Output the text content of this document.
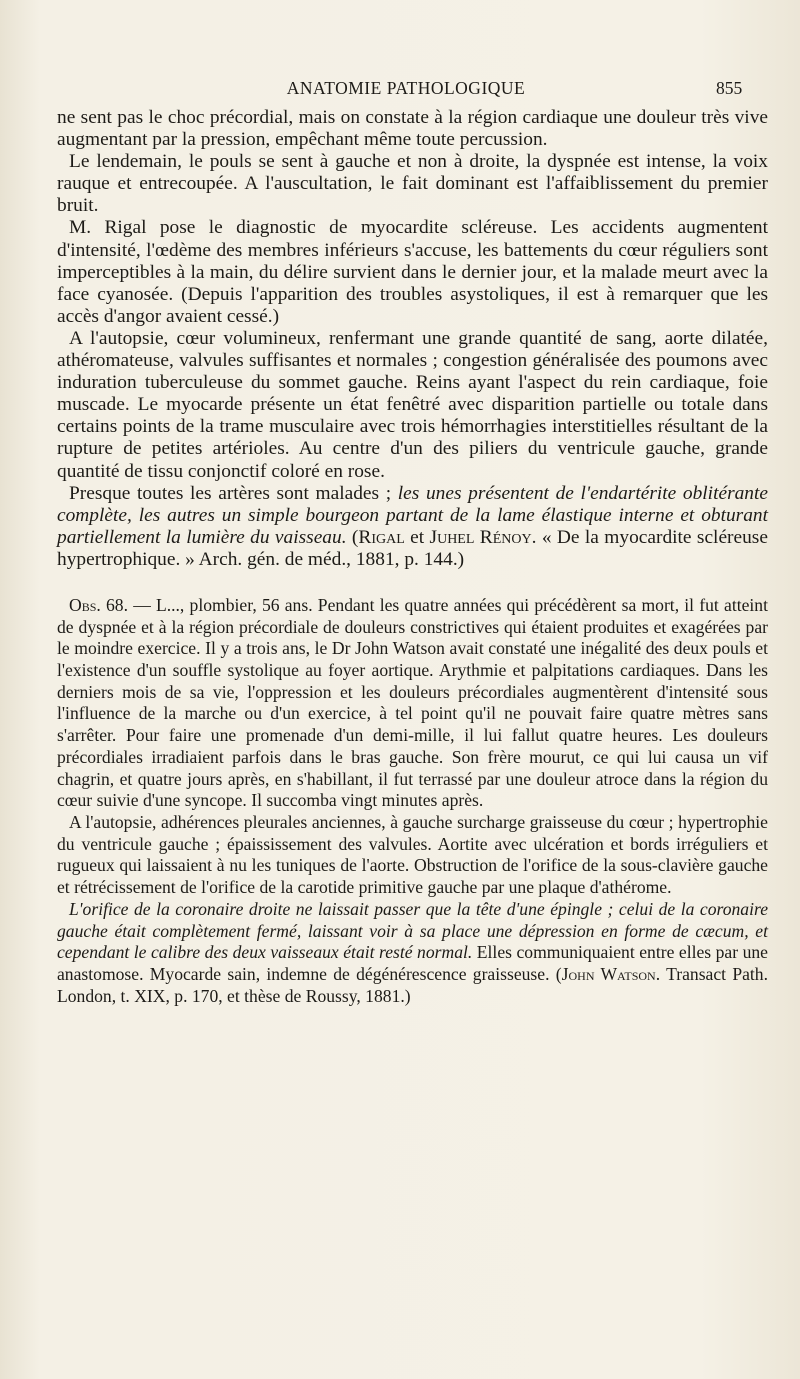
ANATOMIE PATHOLOGIQUE	855

ne sent pas le choc précordial, mais on constate à la région cardiaque une douleur très vive augmentant par la pression, empêchant même toute percussion.

Le lendemain, le pouls se sent à gauche et non à droite, la dyspnée est intense, la voix rauque et entrecoupée. A l'auscultation, le fait dominant est l'affaiblissement du premier bruit.

M. Rigal pose le diagnostic de myocardite scléreuse. Les accidents augmentent d'intensité, l'œdème des membres inférieurs s'accuse, les battements du cœur réguliers sont imperceptibles à la main, du délire survient dans le dernier jour, et la malade meurt avec la face cyanosée. (Depuis l'apparition des troubles asystoliques, il est à remarquer que les accès d'angor avaient cessé.)

A l'autopsie, cœur volumineux, renfermant une grande quantité de sang, aorte dilatée, athéromateuse, valvules suffisantes et normales ; congestion généralisée des poumons avec induration tuberculeuse du sommet gauche. Reins ayant l'aspect du rein cardiaque, foie muscade. Le myocarde présente un état fenêtré avec disparition partielle ou totale dans certains points de la trame musculaire avec trois hémorrhagies interstitielles résultant de la rupture de petites artérioles. Au centre d'un des piliers du ventricule gauche, grande quantité de tissu conjonctif coloré en rose.

Presque toutes les artères sont malades ; les unes présentent de l'endartérite oblitérante complète, les autres un simple bourgeon partant de la lame élastique interne et obturant partiellement la lumière du vaisseau. (Rigal et Juhel Rénoy. « De la myocardite scléreuse hypertrophique. » Arch. gén. de méd., 1881, p. 144.)

Obs. 68. — L..., plombier, 56 ans. Pendant les quatre années qui précédèrent sa mort, il fut atteint de dyspnée et à la région précordiale de douleurs constrictives qui étaient produites et exagérées par le moindre exercice. Il y a trois ans, le Dr John Watson avait constaté une inégalité des deux pouls et l'existence d'un souffle systolique au foyer aortique. Arythmie et palpitations cardiaques. Dans les derniers mois de sa vie, l'oppression et les douleurs précordiales augmentèrent d'intensité sous l'influence de la marche ou d'un exercice, à tel point qu'il ne pouvait faire quatre mètres sans s'arrêter. Pour faire une promenade d'un demi-mille, il lui fallut quatre heures. Les douleurs précordiales irradiaient parfois dans le bras gauche. Son frère mourut, ce qui lui causa un vif chagrin, et quatre jours après, en s'habillant, il fut terrassé par une douleur atroce dans la région du cœur suivie d'une syncope. Il succomba vingt minutes après.

A l'autopsie, adhérences pleurales anciennes, à gauche surcharge graisseuse du cœur ; hypertrophie du ventricule gauche ; épaississement des valvules. Aortite avec ulcération et bords irréguliers et rugueux qui laissaient à nu les tuniques de l'aorte. Obstruction de l'orifice de la sous-clavière gauche et rétrécissement de l'orifice de la carotide primitive gauche par une plaque d'athérome.

L'orifice de la coronaire droite ne laissait passer que la tête d'une épingle ; celui de la coronaire gauche était complètement fermé, laissant voir à sa place une dépression en forme de cæcum, et cependant le calibre des deux vaisseaux était resté normal. Elles communiquaient entre elles par une anastomose. Myocarde sain, indemne de dégénérescence graisseuse. (John Watson. Transact Path. London, t. XIX, p. 170, et thèse de Roussy, 1881.)
